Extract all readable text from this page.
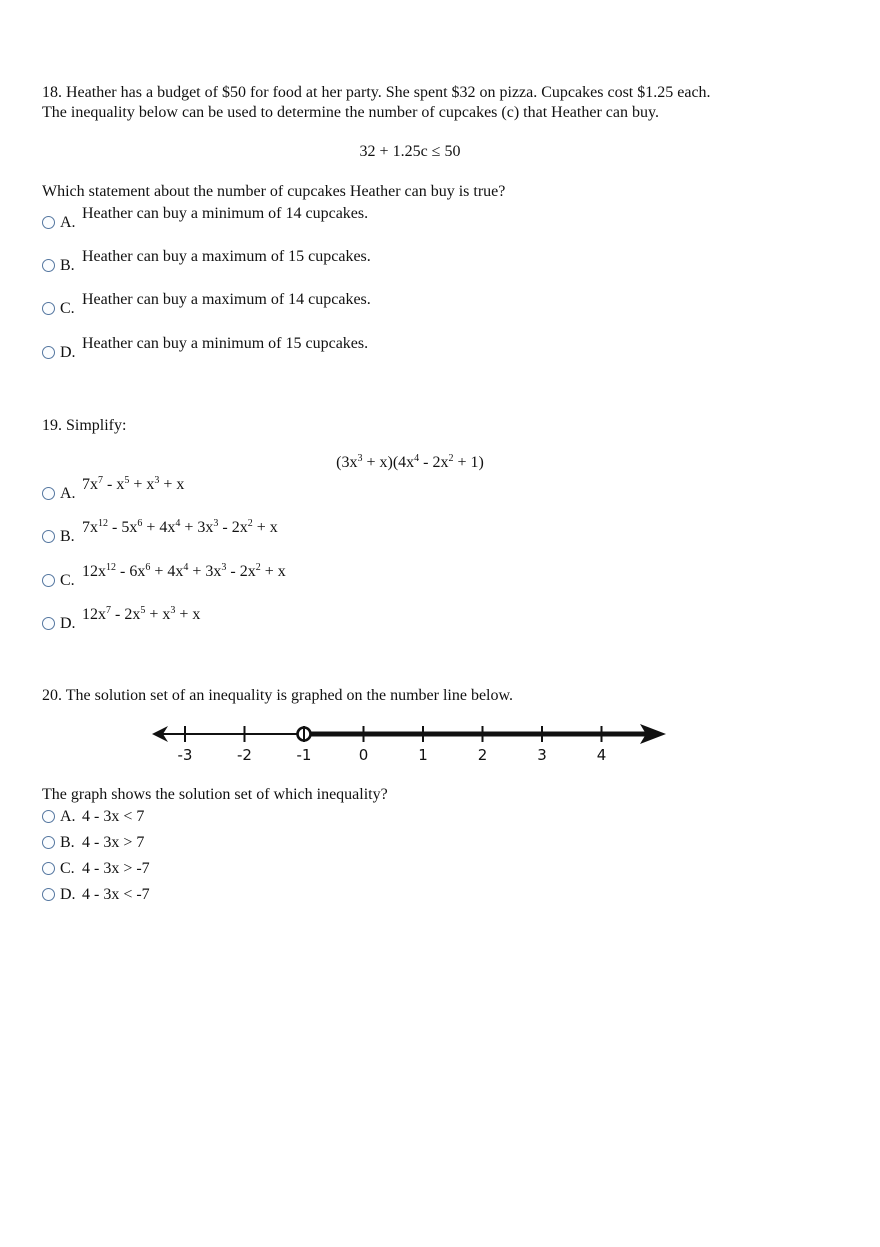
18. Heather has a budget of $50 for food at her party. She spent $32 on pizza. Cupcakes cost $1.25 each.
The inequality below can be used to determine the number of cupcakes (c) that Heather can buy.
32 + 1.25c ≤ 50
Which statement about the number of cupcakes Heather can buy is true?
A.
Heather can buy a minimum of 14 cupcakes.
B.
Heather can buy a maximum of 15 cupcakes.
C.
Heather can buy a maximum of 14 cupcakes.
D.
Heather can buy a minimum of 15 cupcakes.
19. Simplify:
$(3x^3 + x)(4x^4 - 2x^2 + 1)$
A.
$7x^7 - x^5 + x^3 + x$
B.
$7x^{12} - 5x^6 + 4x^4 + 3x^3 - 2x^2 + x$
C.
$12x^{12} - 6x^6 + 4x^4 + 3x^3 - 2x^2 + x$
D.
$12x^7 - 2x^5 + x^3 + x$
20. The solution set of an inequality is graphed on the number line below.
-3	-2	-1	0	1	2	3	4
The graph shows the solution set of which inequality?
A. 4 - 3x < 7
B. 4 - 3x > 7
C. 4 - 3x > -7
D. 4 - 3x < -7
